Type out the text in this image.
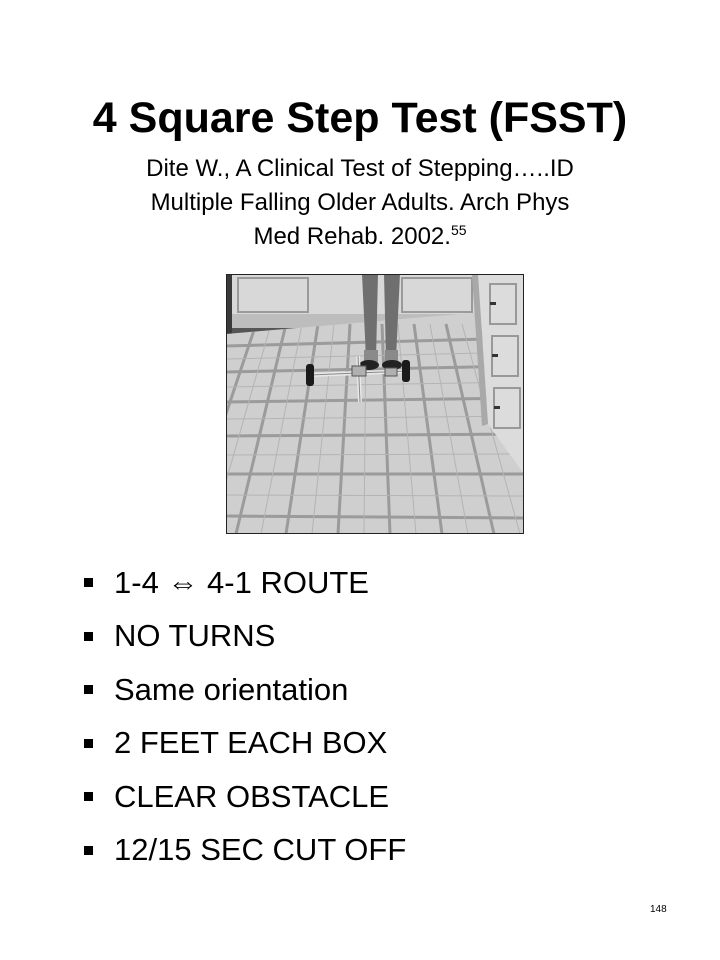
4 Square Step Test (FSST)
Dite W., A Clinical Test of Stepping…..ID
Multiple Falling Older Adults. Arch Phys
Med Rehab. 2002.55
1-4 ⇔ 4-1 ROUTE
NO TURNS
Same orientation
2 FEET EACH BOX
CLEAR OBSTACLE
12/15 SEC CUT OFF
148
